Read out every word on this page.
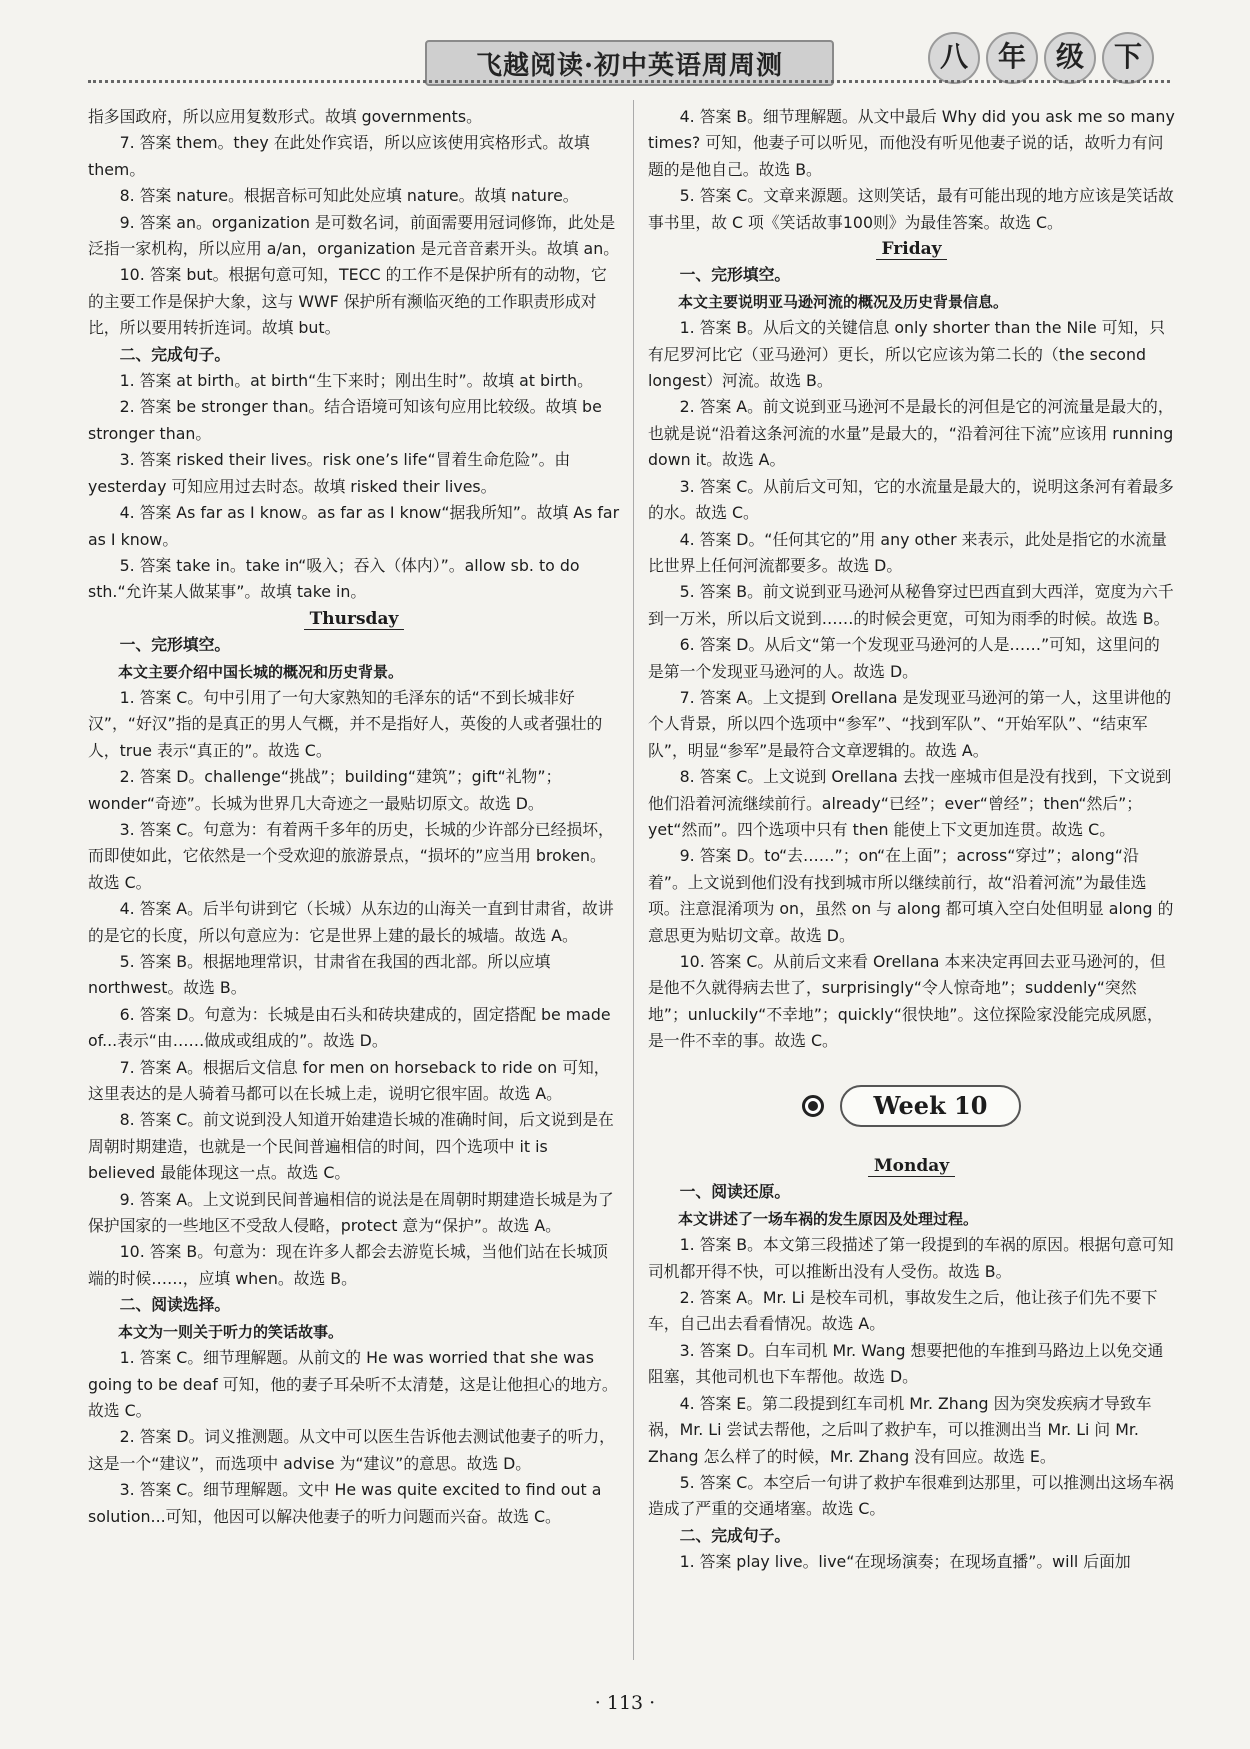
飞越阅读·初中英语周周测	八	年	级	下

指多国政府，所以应用复数形式。故填 governments。

7. 答案 them。they 在此处作宾语，所以应该使用宾格形式。故填 them。

8. 答案 nature。根据音标可知此处应填 nature。故填 nature。

9. 答案 an。organization 是可数名词，前面需要用冠词修饰，此处是泛指一家机构，所以应用 a/an，organization 是元音音素开头。故填 an。

10. 答案 but。根据句意可知，TECC 的工作不是保护所有的动物，它的主要工作是保护大象，这与 WWF 保护所有濒临灭绝的工作职责形成对比，所以要用转折连词。故填 but。

二、完成句子。

1. 答案 at birth。at birth“生下来时；刚出生时”。故填 at birth。

2. 答案 be stronger than。结合语境可知该句应用比较级。故填 be stronger than。

3. 答案 risked their lives。risk one’s life“冒着生命危险”。由 yesterday 可知应用过去时态。故填 risked their lives。

4. 答案 As far as I know。as far as I know“据我所知”。故填 As far as I know。

5. 答案 take in。take in“吸入；吞入（体内）”。allow sb. to do sth.“允许某人做某事”。故填 take in。

Thursday

一、完形填空。

本文主要介绍中国长城的概况和历史背景。

1. 答案 C。句中引用了一句大家熟知的毛泽东的话“不到长城非好汉”，“好汉”指的是真正的男人气概，并不是指好人，英俊的人或者强壮的人，true 表示“真正的”。故选 C。

2. 答案 D。challenge“挑战”；building“建筑”；gift“礼物”；wonder“奇迹”。长城为世界几大奇迹之一最贴切原文。故选 D。

3. 答案 C。句意为：有着两千多年的历史，长城的少许部分已经损坏，而即使如此，它依然是一个受欢迎的旅游景点，“损坏的”应当用 broken。故选 C。

4. 答案 A。后半句讲到它（长城）从东边的山海关一直到甘肃省，故讲的是它的长度，所以句意应为：它是世界上建的最长的城墙。故选 A。

5. 答案 B。根据地理常识，甘肃省在我国的西北部。所以应填 northwest。故选 B。

6. 答案 D。句意为：长城是由石头和砖块建成的，固定搭配 be made of...表示“由……做成或组成的”。故选 D。

7. 答案 A。根据后文信息 for men on horseback to ride on 可知，这里表达的是人骑着马都可以在长城上走，说明它很牢固。故选 A。

8. 答案 C。前文说到没人知道开始建造长城的准确时间，后文说到是在周朝时期建造，也就是一个民间普遍相信的时间，四个选项中 it is believed 最能体现这一点。故选 C。

9. 答案 A。上文说到民间普遍相信的说法是在周朝时期建造长城是为了保护国家的一些地区不受敌人侵略，protect 意为“保护”。故选 A。

10. 答案 B。句意为：现在许多人都会去游览长城，当他们站在长城顶端的时候……，应填 when。故选 B。

二、阅读选择。

本文为一则关于听力的笑话故事。

1. 答案 C。细节理解题。从前文的 He was worried that she was going to be deaf 可知，他的妻子耳朵听不太清楚，这是让他担心的地方。故选 C。

2. 答案 D。词义推测题。从文中可以医生告诉他去测试他妻子的听力，这是一个“建议”，而选项中 advise 为“建议”的意思。故选 D。

3. 答案 C。细节理解题。文中 He was quite excited to find out a solution...可知，他因可以解决他妻子的听力问题而兴奋。故选 C。

4. 答案 B。细节理解题。从文中最后 Why did you ask me so many times? 可知，他妻子可以听见，而他没有听见他妻子说的话，故听力有问题的是他自己。故选 B。

5. 答案 C。文章来源题。这则笑话，最有可能出现的地方应该是笑话故事书里，故 C 项《笑话故事100则》为最佳答案。故选 C。

Friday

一、完形填空。

本文主要说明亚马逊河流的概况及历史背景信息。

1. 答案 B。从后文的关键信息 only shorter than the Nile 可知，只有尼罗河比它（亚马逊河）更长，所以它应该为第二长的（the second longest）河流。故选 B。

2. 答案 A。前文说到亚马逊河不是最长的河但是它的河流量是最大的，也就是说“沿着这条河流的水量”是最大的，“沿着河往下流”应该用 running down it。故选 A。

3. 答案 C。从前后文可知，它的水流量是最大的，说明这条河有着最多的水。故选 C。

4. 答案 D。“任何其它的”用 any other 来表示，此处是指它的水流量比世界上任何河流都要多。故选 D。

5. 答案 B。前文说到亚马逊河从秘鲁穿过巴西直到大西洋，宽度为六千到一万米，所以后文说到……的时候会更宽，可知为雨季的时候。故选 B。

6. 答案 D。从后文“第一个发现亚马逊河的人是……”可知，这里问的是第一个发现亚马逊河的人。故选 D。

7. 答案 A。上文提到 Orellana 是发现亚马逊河的第一人，这里讲他的个人背景，所以四个选项中“参军”、“找到军队”、“开始军队”、“结束军队”，明显“参军”是最符合文章逻辑的。故选 A。

8. 答案 C。上文说到 Orellana 去找一座城市但是没有找到，下文说到他们沿着河流继续前行。already“已经”；ever“曾经”；then“然后”；yet“然而”。四个选项中只有 then 能使上下文更加连贯。故选 C。

9. 答案 D。to“去……”；on“在上面”；across“穿过”；along“沿着”。上文说到他们没有找到城市所以继续前行，故“沿着河流”为最佳选项。注意混淆项为 on，虽然 on 与 along 都可填入空白处但明显 along 的意思更为贴切文章。故选 D。

10. 答案 C。从前后文来看 Orellana 本来决定再回去亚马逊河的，但是他不久就得病去世了，surprisingly“令人惊奇地”；suddenly“突然地”；unluckily“不幸地”；quickly“很快地”。这位探险家没能完成夙愿，是一件不幸的事。故选 C。

Week 10

Monday

一、阅读还原。

本文讲述了一场车祸的发生原因及处理过程。

1. 答案 B。本文第三段描述了第一段提到的车祸的原因。根据句意可知司机都开得不快，可以推断出没有人受伤。故选 B。

2. 答案 A。Mr. Li 是校车司机，事故发生之后，他让孩子们先不要下车，自己出去看看情况。故选 A。

3. 答案 D。白车司机 Mr. Wang 想要把他的车推到马路边上以免交通阻塞，其他司机也下车帮他。故选 D。

4. 答案 E。第二段提到红车司机 Mr. Zhang 因为突发疾病才导致车祸，Mr. Li 尝试去帮他，之后叫了救护车，可以推测出当 Mr. Li 问 Mr. Zhang 怎么样了的时候，Mr. Zhang 没有回应。故选 E。

5. 答案 C。本空后一句讲了救护车很难到达那里，可以推测出这场车祸造成了严重的交通堵塞。故选 C。

二、完成句子。

1. 答案 play live。live“在现场演奏；在现场直播”。will 后面加

· 113 ·
